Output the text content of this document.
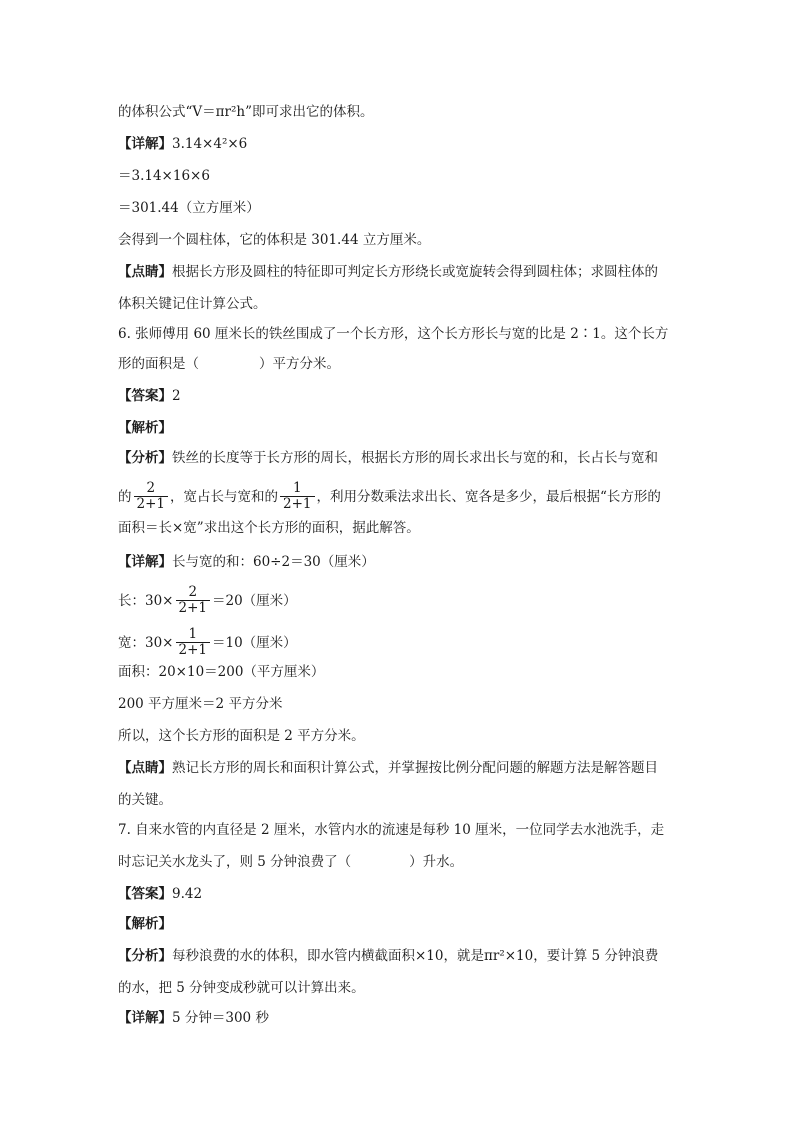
的体积公式“V＝πr²h”即可求出它的体积。
【详解】3.14×4²×6
＝3.14×16×6
＝301.44（立方厘米）
会得到一个圆柱体，它的体积是 301.44 立方厘米。
【点睛】根据长方形及圆柱的特征即可判定长方形绕长或宽旋转会得到圆柱体；求圆柱体的
体积关键记住计算公式。
6. 张师傅用 60 厘米长的铁丝围成了一个长方形，这个长方形长与宽的比是 2∶1。这个长方
形的面积是（	）平方分米。
【答案】2
【解析】
【分析】铁丝的长度等于长方形的周长，根据长方形的周长求出长与宽的和，长占长与宽和
的 $\frac{2}{2+1}$ ，宽占长与宽和的 $\frac{1}{2+1}$ ，利用分数乘法求出长、宽各是多少，最后根据“长方形的
面积＝长×宽”求出这个长方形的面积，据此解答。
【详解】长与宽的和：60÷2＝30（厘米）
长：$30\times \frac{2}{2+1} =20$（厘米）
宽：$30\times \frac{1}{2+1} =10$（厘米）
面积：20×10＝200（平方厘米）
200 平方厘米＝2 平方分米
所以，这个长方形的面积是 2 平方分米。
【点睛】熟记长方形的周长和面积计算公式，并掌握按比例分配问题的解题方法是解答题目
的关键。
7. 自来水管的内直径是 2 厘米，水管内水的流速是每秒 10 厘米，一位同学去水池洗手，走
时忘记关水龙头了，则 5 分钟浪费了（	）升水。
【答案】9.42
【解析】
【分析】每秒浪费的水的体积，即水管内横截面积×10，就是πr²×10，要计算 5 分钟浪费
的水，把 5 分钟变成秒就可以计算出来。
【详解】5 分钟＝300 秒
